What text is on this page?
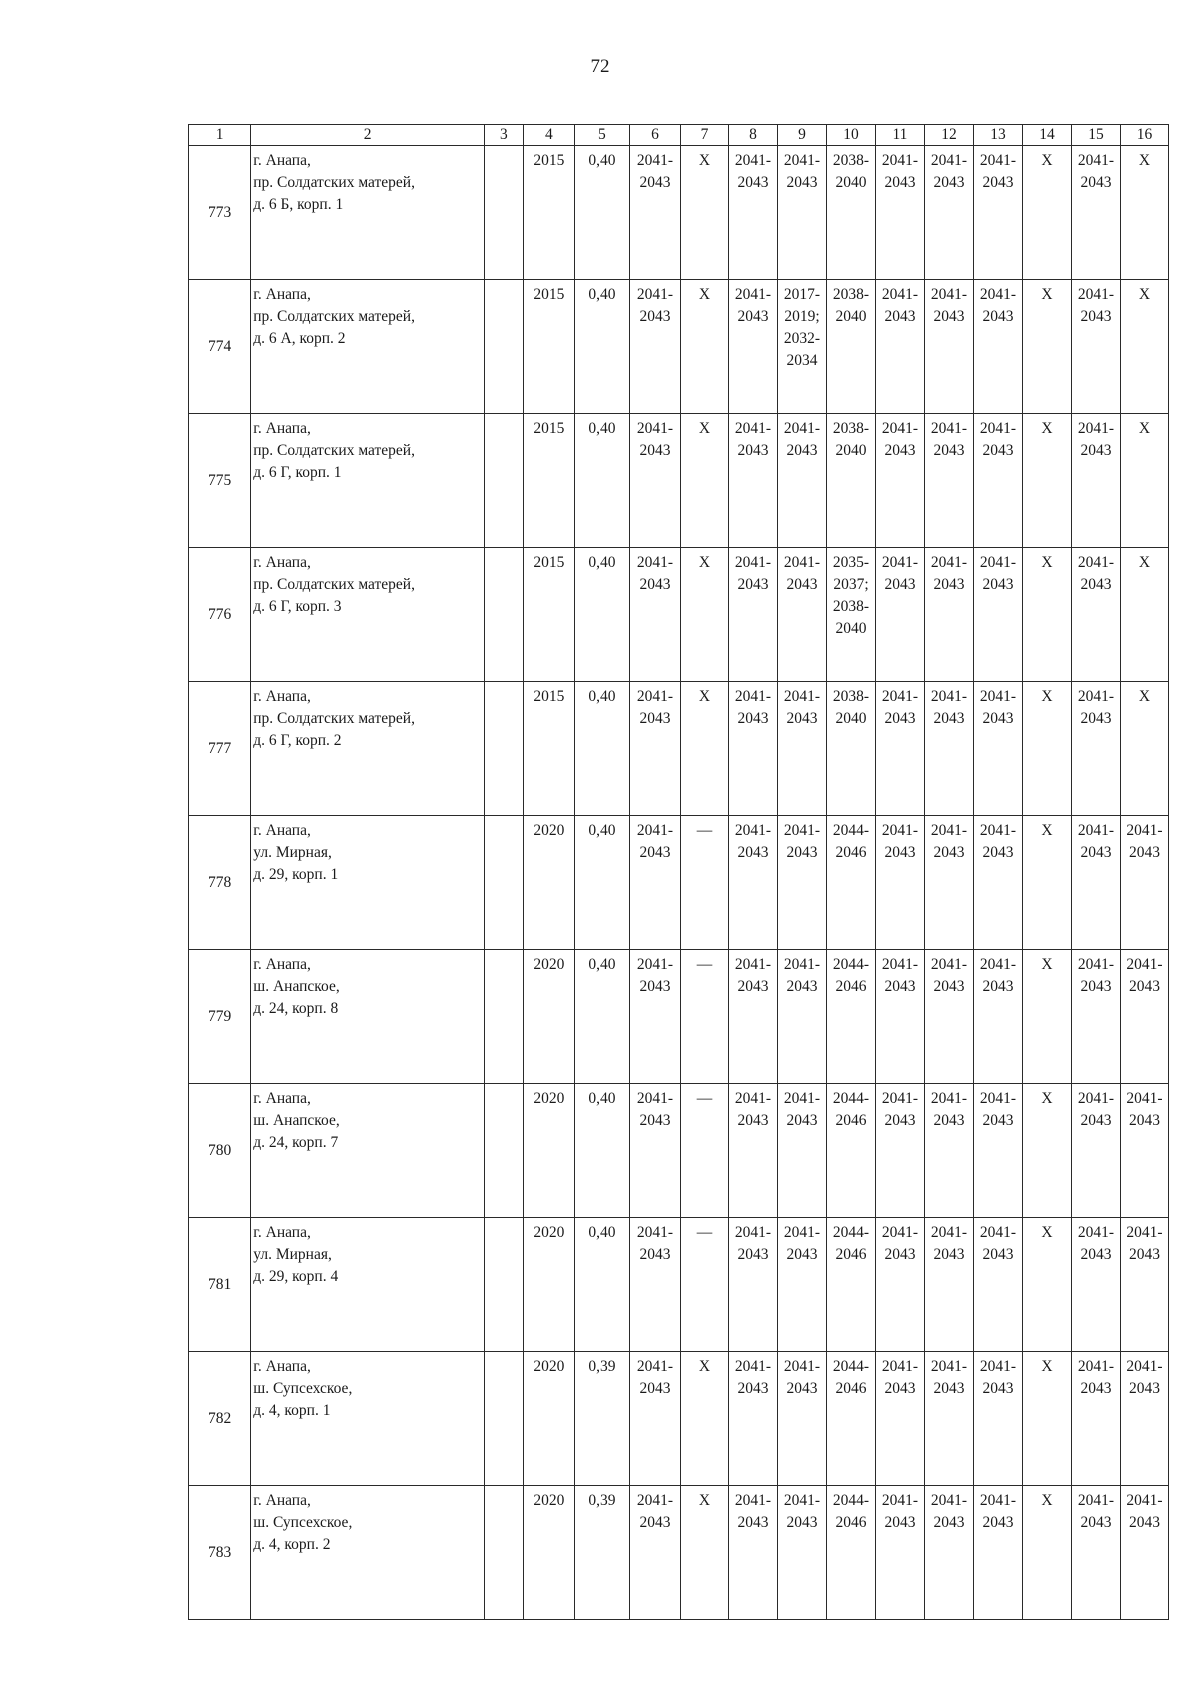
72
1	2	3	4	5	6	7	8	9	10	11	12	13	14	15	16
773	г. Анапа,
пр. Солдатских матерей,
д. 6 Б, корп. 1		2015	0,40	2041-
2043	X	2041-
2043	2041-
2043	2038-
2040	2041-
2043	2041-
2043	2041-
2043	X	2041-
2043	X

774	г. Анапа,
пр. Солдатских матерей,
д. 6 А, корп. 2		2015	0,40	2041-
2043	X	2041-
2043	2017-
2019;
2032-
2034	2038-
2040	2041-
2043	2041-
2043	2041-
2043	X	2041-
2043	X

775	г. Анапа,
пр. Солдатских матерей,
д. 6 Г, корп. 1		2015	0,40	2041-
2043	X	2041-
2043	2041-
2043	2038-
2040	2041-
2043	2041-
2043	2041-
2043	X	2041-
2043	X

776	г. Анапа,
пр. Солдатских матерей,
д. 6 Г, корп. 3		2015	0,40	2041-
2043	X	2041-
2043	2041-
2043	2035-
2037;
2038-
2040	2041-
2043	2041-
2043	2041-
2043	X	2041-
2043	X

777	г. Анапа,
пр. Солдатских матерей,
д. 6 Г, корп. 2		2015	0,40	2041-
2043	X	2041-
2043	2041-
2043	2038-
2040	2041-
2043	2041-
2043	2041-
2043	X	2041-
2043	X

778	г. Анапа,
ул. Мирная,
д. 29, корп. 1		2020	0,40	2041-
2043	—	2041-
2043	2041-
2043	2044-
2046	2041-
2043	2041-
2043	2041-
2043	X	2041-
2043	2041-
2043

779	г. Анапа,
ш. Анапское,
д. 24, корп. 8		2020	0,40	2041-
2043	—	2041-
2043	2041-
2043	2044-
2046	2041-
2043	2041-
2043	2041-
2043	X	2041-
2043	2041-
2043

780	г. Анапа,
ш. Анапское,
д. 24, корп. 7		2020	0,40	2041-
2043	—	2041-
2043	2041-
2043	2044-
2046	2041-
2043	2041-
2043	2041-
2043	X	2041-
2043	2041-
2043

781	г. Анапа,
ул. Мирная,
д. 29, корп. 4		2020	0,40	2041-
2043	—	2041-
2043	2041-
2043	2044-
2046	2041-
2043	2041-
2043	2041-
2043	X	2041-
2043	2041-
2043

782	г. Анапа,
ш. Супсехское,
д. 4, корп. 1		2020	0,39	2041-
2043	X	2041-
2043	2041-
2043	2044-
2046	2041-
2043	2041-
2043	2041-
2043	X	2041-
2043	2041-
2043

783	г. Анапа,
ш. Супсехское,
д. 4, корп. 2		2020	0,39	2041-
2043	X	2041-
2043	2041-
2043	2044-
2046	2041-
2043	2041-
2043	2041-
2043	X	2041-
2043	2041-
2043
